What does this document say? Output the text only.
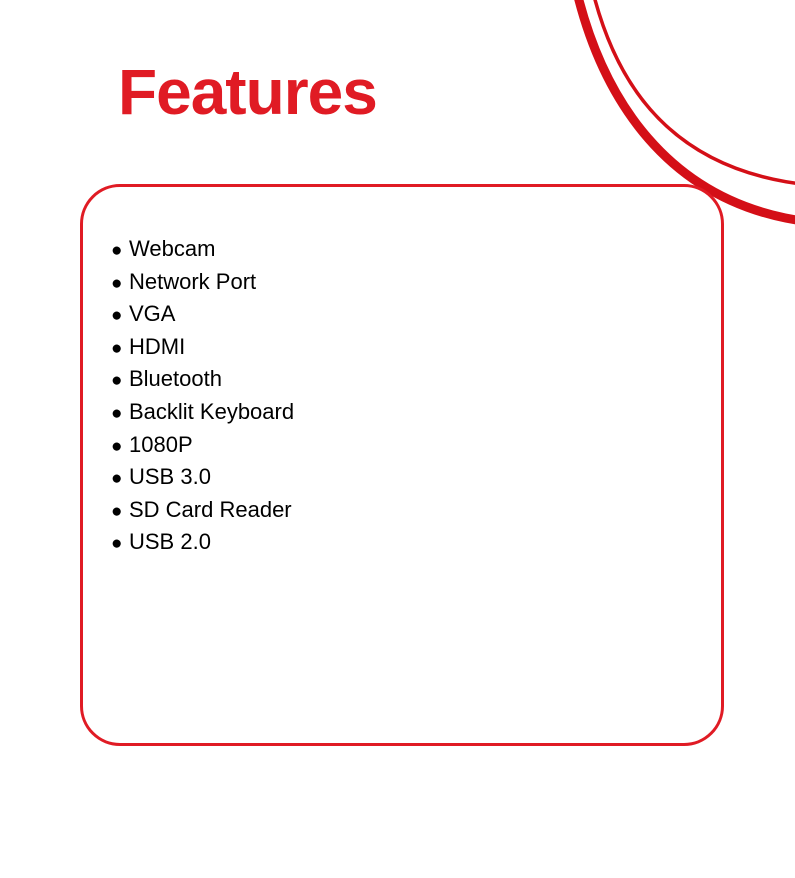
Features
● Webcam
● Network Port
● VGA
● HDMI
● Bluetooth
● Backlit Keyboard
● 1080P
● USB 3.0
● SD Card Reader
● USB 2.0
